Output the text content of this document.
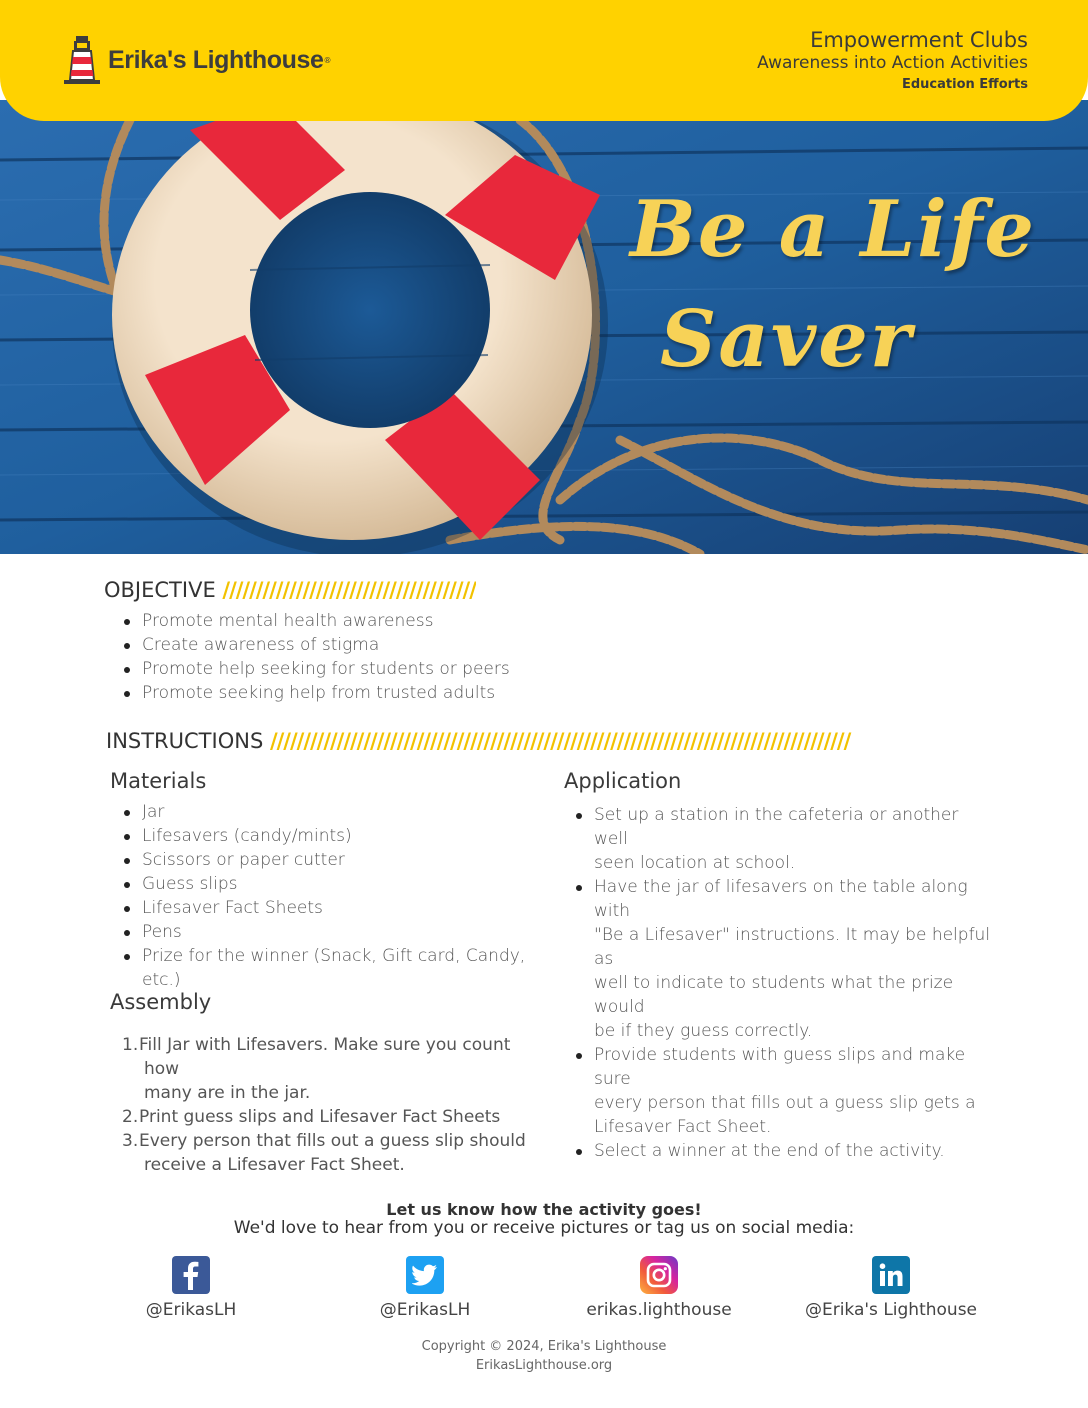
Erika's Lighthouse ®
Empowerment Clubs
Awareness into Action Activities
Education Efforts
Be a Life
Saver
OBJECTIVE //////////////////////////////////////
Promote mental health awareness
Create awareness of stigma
Promote help seeking for students or peers
Promote seeking help from trusted adults
INSTRUCTIONS ///////////////////////////////////////////////////////////////////////////////////////
Materials
Jar
Lifesavers (candy/mints)
Scissors or paper cutter
Guess slips
Lifesaver Fact Sheets
Pens
Prize for the winner (Snack, Gift card, Candy, etc.)
Assembly
1. Fill Jar with Lifesavers. Make sure you count how
many are in the jar.
2. Print guess slips and Lifesaver Fact Sheets
3. Every person that fills out a guess slip should
receive a Lifesaver Fact Sheet.
Application
Set up a station in the cafeteria or another well
seen location at school.
Have the jar of lifesavers on the table along with
"Be a Lifesaver" instructions. It may be helpful as
well to indicate to students what the prize would
be if they guess correctly.
Provide students with guess slips and make sure
every person that fills out a guess slip gets a
Lifesaver Fact Sheet.
Select a winner at the end of the activity.
Let us know how the activity goes!
We'd love to hear from you or receive pictures or tag us on social media:
@ErikasLH	@ErikasLH	erikas.lighthouse	@Erika's Lighthouse
Copyright © 2024, Erika's Lighthouse
ErikasLighthouse.org
